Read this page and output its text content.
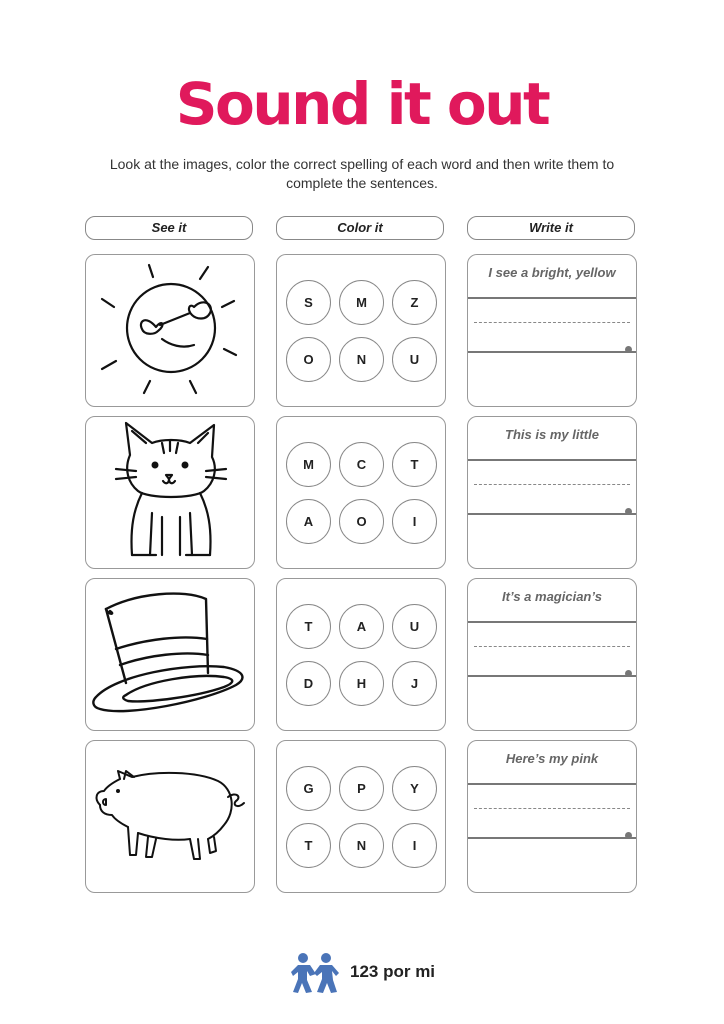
Sound it out
Look at the images, color the correct spelling of each word and then write them to complete the sentences.
See it	Color it	Write it
S	M	Z
O	N	U
I see a bright, yellow
M	C	T
A	O	I
This is my little
T	A	U
D	H	J
It’s a magician’s
G	P	Y
T	N	I
Here’s my pink
123 por mi
